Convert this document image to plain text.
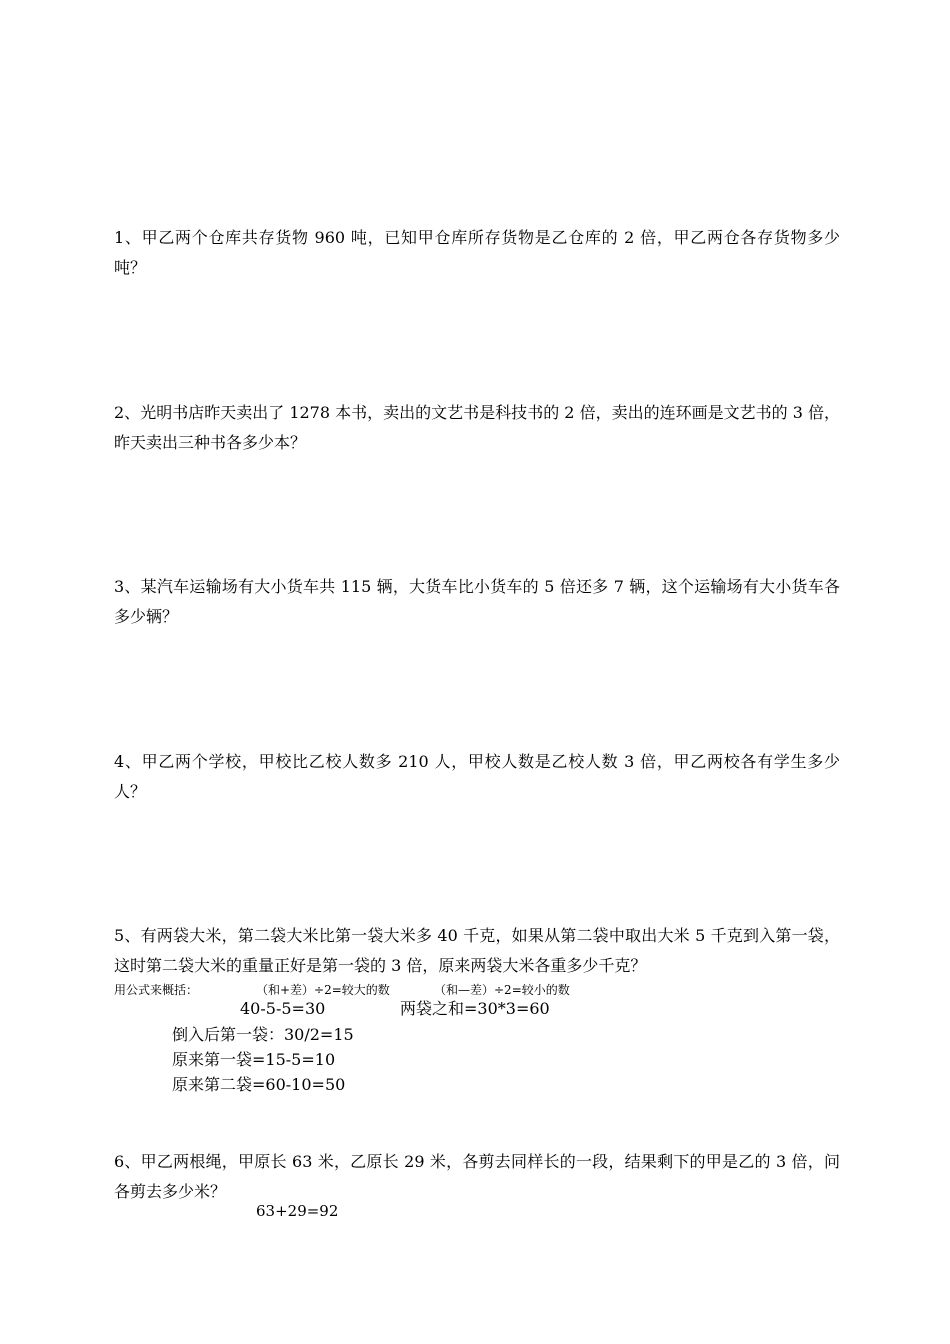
1、甲乙两个仓库共存货物 960 吨，已知甲仓库所存货物是乙仓库的 2 倍，甲乙两仓各存货物多少吨？

2、光明书店昨天卖出了 1278 本书，卖出的文艺书是科技书的 2 倍，卖出的连环画是文艺书的 3 倍，昨天卖出三种书各多少本？

3、某汽车运输场有大小货车共 115 辆，大货车比小货车的 5 倍还多 7 辆，这个运输场有大小货车各多少辆？

4、甲乙两个学校，甲校比乙校人数多 210 人，甲校人数是乙校人数 3 倍，甲乙两校各有学生多少人？

5、有两袋大米，第二袋大米比第一袋大米多 40 千克，如果从第二袋中取出大米 5 千克到入第一袋，这时第二袋大米的重量正好是第一袋的 3 倍，原来两袋大米各重多少千克？

用公式来概括：	（和+差）÷2=较大的数	（和—差）÷2=较小的数
40-5-5=30	两袋之和=30*3=60
倒入后第一袋：30/2=15
原来第一袋=15-5=10
原来第二袋=60-10=50

6、甲乙两根绳，甲原长 63 米，乙原长 29 米，各剪去同样长的一段，结果剩下的甲是乙的 3 倍，问各剪去多少米？

63+29=92
